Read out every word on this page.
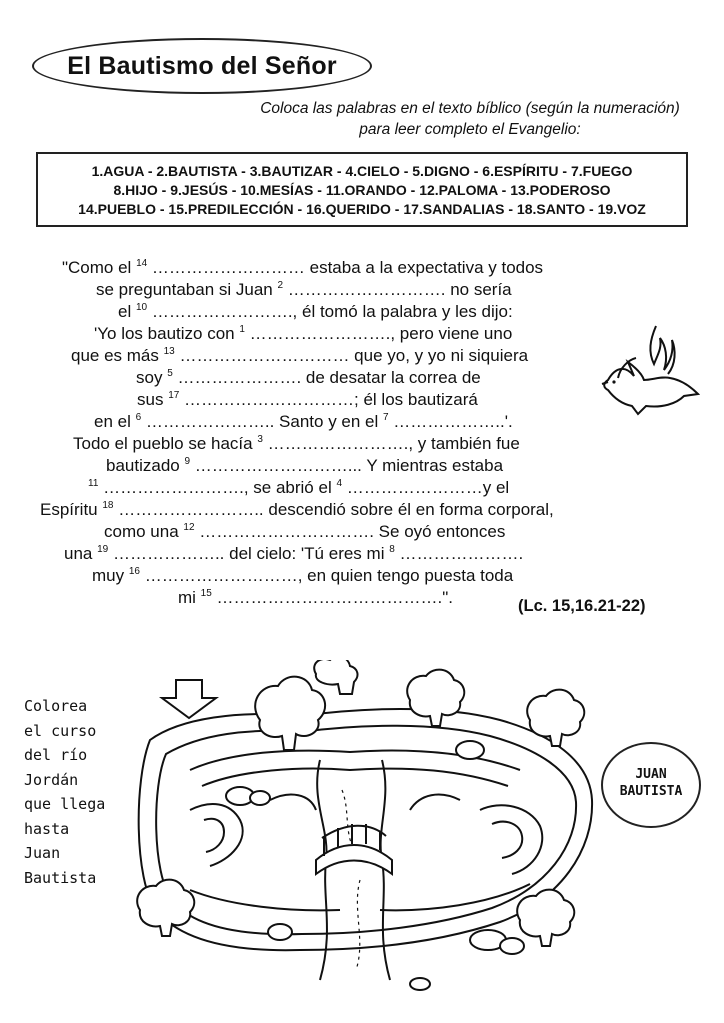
El Bautismo del Señor
Coloca las palabras en el texto bíblico (según la numeración)
para leer completo el Evangelio:
1.AGUA - 2.BAUTISTA - 3.BAUTIZAR - 4.CIELO - 5.DIGNO - 6.ESPÍRITU - 7.FUEGO
8.HIJO - 9.JESÚS - 10.MESÍAS - 11.ORANDO - 12.PALOMA - 13.PODEROSO
14.PUEBLO - 15.PREDILECCIÓN - 16.QUERIDO - 17.SANDALIAS - 18.SANTO - 19.VOZ
"Como el $^{14}$ ……………………… estaba a la expectativa y todos
se preguntaban si Juan $^2$ ………………………. no sería
el $^{10}$ ……………………., él tomó la palabra y les dijo:
'Yo los bautizo con $^1$ ……………………., pero viene uno
que es más $^{13}$ ………………………… que yo, y yo ni siquiera
soy $^5$ …………………. de desatar la correa de
sus $^{17}$ …………………………; él los bautizará
en el $^6$ ………………….. Santo y en el $^7$ ………………..'.
Todo el pueblo se hacía $^3$ ……………………., y también fue
bautizado $^9$ ………………………... Y mientras estaba
$^{11}$ ……………………., se abrió el $^4$ ……………………y el
Espíritu $^{18}$ …………………….. descendió sobre él en forma corporal,
como una $^{12}$ …………………………. Se oyó entonces
una $^{19}$ ……………….. del cielo: 'Tú eres mi $^8$ ………………….
muy $^{16}$ ………………………, en quien tengo puesta toda
mi $^{15}$ ………………………………….".	(Lc. 15,16.21-22)
Colorea
el curso
del río
Jordán
que llega
hasta
Juan
Bautista
JUAN
BAUTISTA
